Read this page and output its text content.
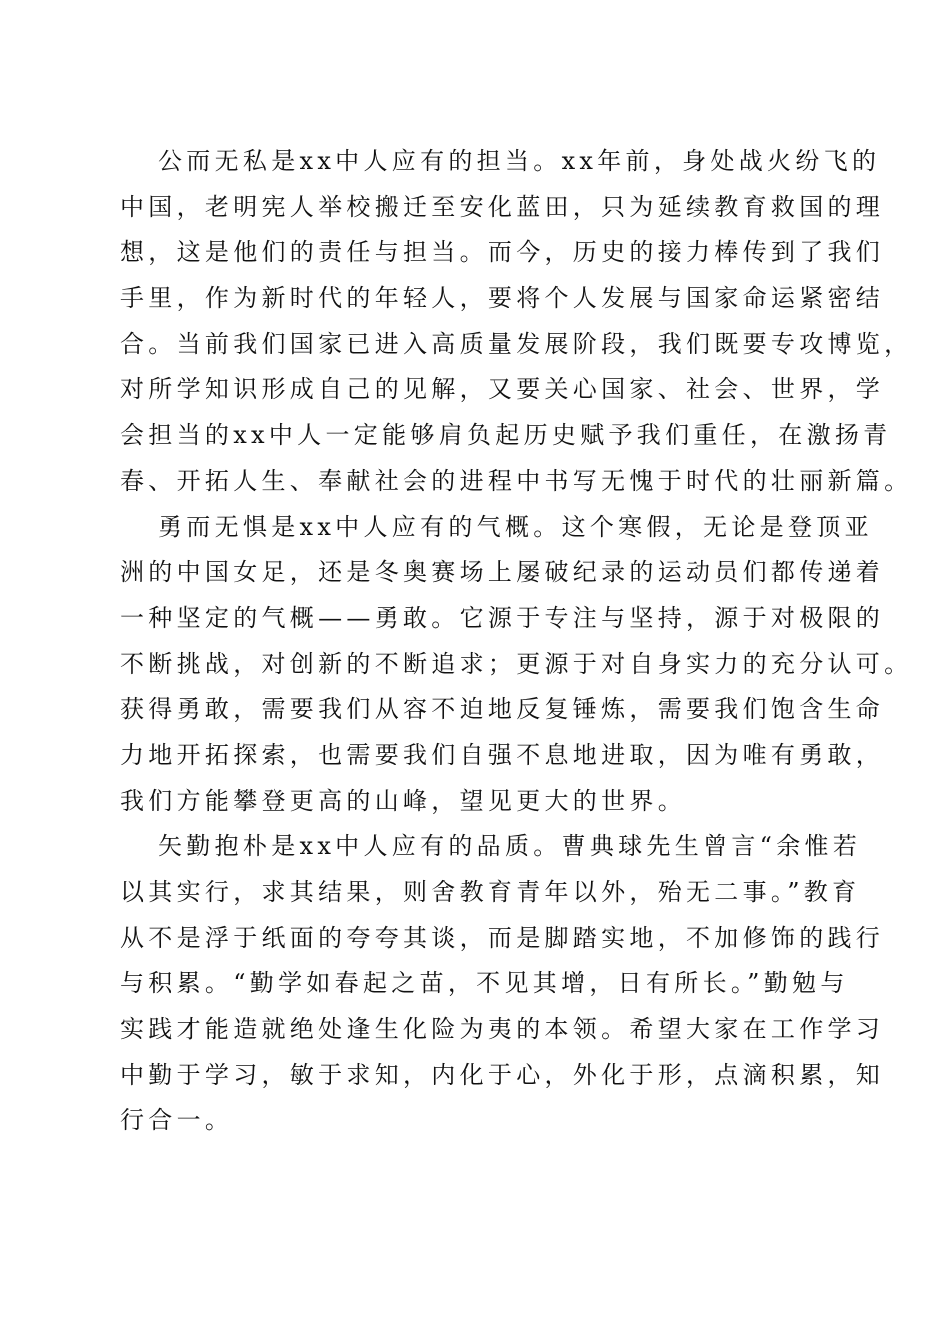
公而无私是xx中人应有的担当。xx年前，身处战火纷飞的
中国，老明宪人举校搬迁至安化蓝田，只为延续教育救国的理
想，这是他们的责任与担当。而今，历史的接力棒传到了我们
手里，作为新时代的年轻人，要将个人发展与国家命运紧密结
合。当前我们国家已进入高质量发展阶段，我们既要专攻博览，
对所学知识形成自己的见解，又要关心国家、社会、世界，学
会担当的xx中人一定能够肩负起历史赋予我们重任，在激扬青
春、开拓人生、奉献社会的进程中书写无愧于时代的壮丽新篇。
勇而无惧是xx中人应有的气概。这个寒假，无论是登顶亚
洲的中国女足，还是冬奥赛场上屡破纪录的运动员们都传递着
一种坚定的气概——勇敢。它源于专注与坚持，源于对极限的
不断挑战，对创新的不断追求；更源于对自身实力的充分认可。
获得勇敢，需要我们从容不迫地反复锤炼，需要我们饱含生命
力地开拓探索，也需要我们自强不息地进取，因为唯有勇敢，
我们方能攀登更高的山峰，望见更大的世界。
矢勤抱朴是xx中人应有的品质。曹典球先生曾言“余惟若
以其实行，求其结果，则舍教育青年以外，殆无二事。”教育
从不是浮于纸面的夸夸其谈，而是脚踏实地，不加修饰的践行
与积累。“勤学如春起之苗，不见其增，日有所长。”勤勉与
实践才能造就绝处逢生化险为夷的本领。希望大家在工作学习
中勤于学习，敏于求知，内化于心，外化于形，点滴积累，知
行合一。
